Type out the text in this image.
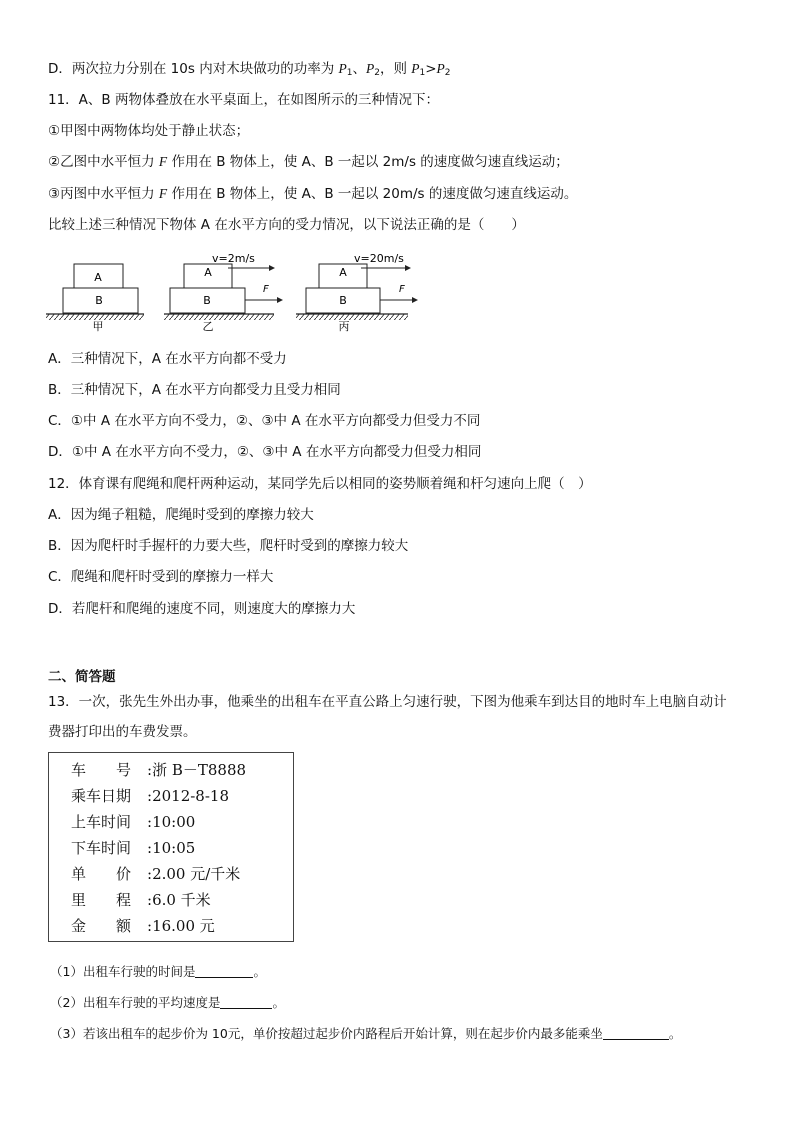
D．两次拉力分别在 10s 内对木块做功的功率为 $P_1$、$P_2$，则 $P_1>P_2$
11．A、B 两物体叠放在水平桌面上，在如图所示的三种情况下：
①甲图中两物体均处于静止状态；
②乙图中水平恒力 F 作用在 B 物体上，使 A、B 一起以 2m/s 的速度做匀速直线运动；
③丙图中水平恒力 F 作用在 B 物体上，使 A、B 一起以 20m/s 的速度做匀速直线运动。
比较上述三种情况下物体 A 在水平方向的受力情况，以下说法正确的是（　　）
A
B
甲
A
B
v=2m/s
F
乙
A
B
v=20m/s
F
丙
A．三种情况下，A 在水平方向都不受力
B．三种情况下，A 在水平方向都受力且受力相同
C．①中 A 在水平方向不受力，②、③中 A 在水平方向都受力但受力不同
D．①中 A 在水平方向不受力，②、③中 A 在水平方向都受力但受力相同
12．体育课有爬绳和爬杆两种运动，某同学先后以相同的姿势顺着绳和杆匀速向上爬（　）
A．因为绳子粗糙，爬绳时受到的摩擦力较大
B．因为爬杆时手握杆的力要大些，爬杆时受到的摩擦力较大
C．爬绳和爬杆时受到的摩擦力一样大
D．若爬杆和爬绳的速度不同，则速度大的摩擦力大
二、简答题
13．一次，张先生外出办事，他乘坐的出租车在平直公路上匀速行驶，下图为他乘车到达目的地时车上电脑自动计
费器打印出的车费发票。
车　　号 :浙 B－T8888
乘车日期 :2012-8-18
上车时间 :10:00
下车时间 :10:05
单　　价 :2.00 元/千米
里　　程 :6.0 千米
金　　额 :16.00 元
（1）出租车行驶的时间是	。
（2）出租车行驶的平均速度是	。
（3）若该出租车的起步价为 10元，单价按超过起步价内路程后开始计算，则在起步价内最多能乘坐	。
